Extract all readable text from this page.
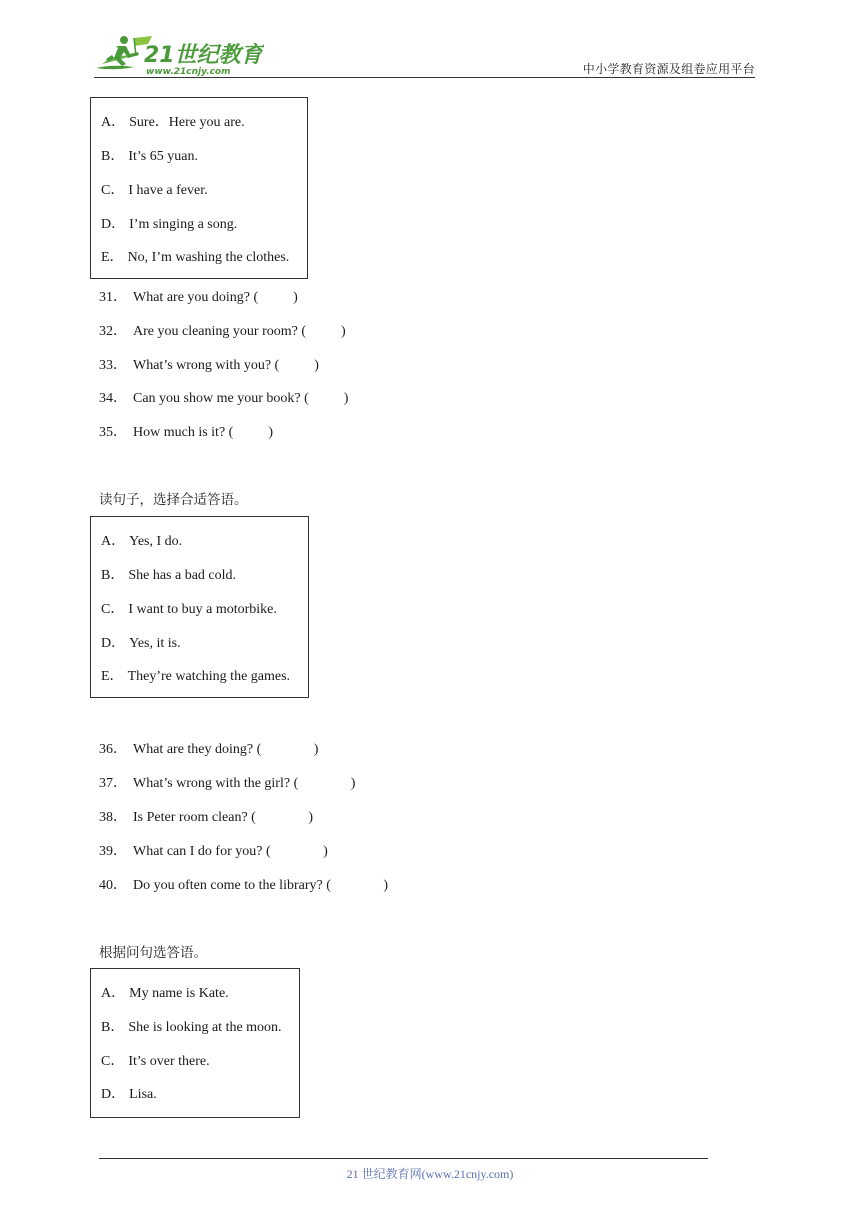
21世纪教育
www.21cnjy.com	中小学教育资源及组卷应用平台
A． Sure．Here you are.
B． It’s 65 yuan.
C． I have a fever.
D． I’m singing a song.
E． No, I’m washing the clothes.
31． What are you doing? (          )
32． Are you cleaning your room? (          )
33． What’s wrong with you? (          )
34． Can you show me your book? (          )
35． How much is it? (          )
读句子，选择合适答语。
A． Yes, I do.
B． She has a bad cold.
C． I want to buy a motorbike.
D． Yes, it is.
E． They’re watching the games.
36． What are they doing? (               )
37． What’s wrong with the girl? (               )
38． Is Peter room clean? (               )
39． What can I do for you? (               )
40． Do you often come to the library? (               )
根据问句选答语。
A． My name is Kate.
B． She is looking at the moon.
C． It’s over there.
D． Lisa.
21 世纪教育网(www.21cnjy.com)
